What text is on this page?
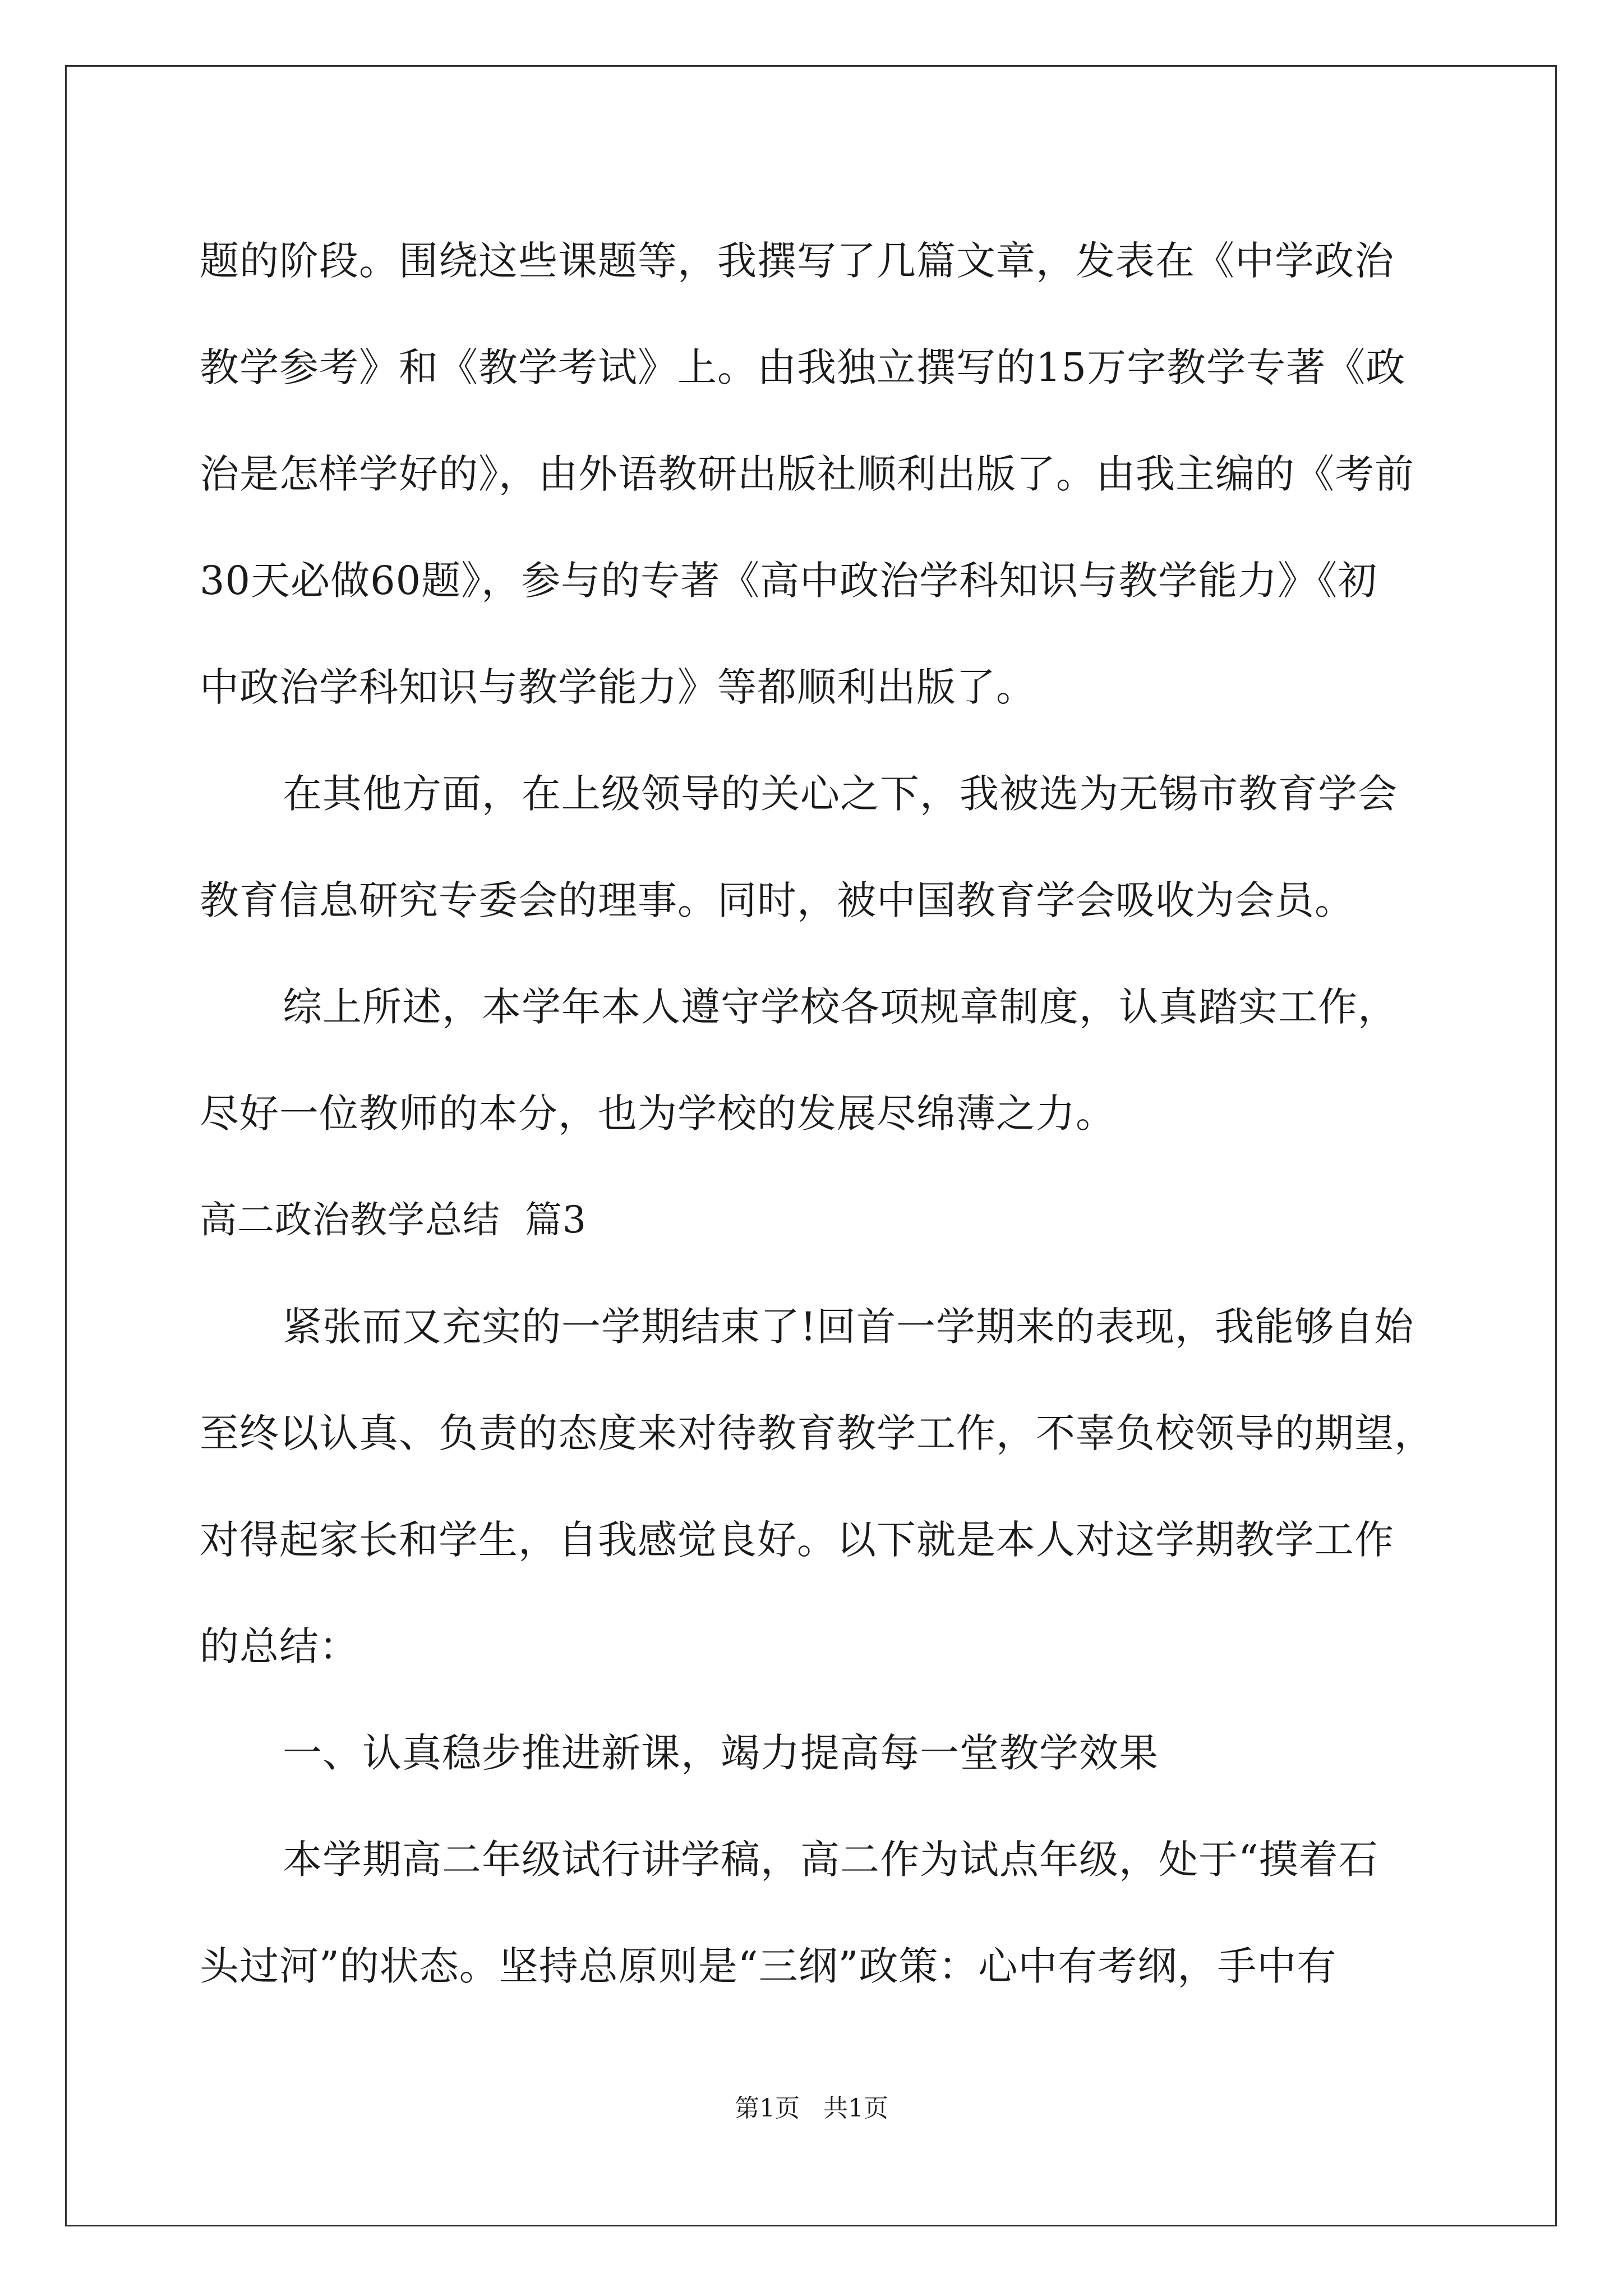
题的阶段。围绕这些课题等，我撰写了几篇文章，发表在《中学政治
教学参考》和《教学考试》上。由我独立撰写的15万字教学专著《政
治是怎样学好的》，由外语教研出版社顺利出版了。由我主编的《考前
30天必做60题》，参与的专著《高中政治学科知识与教学能力》《初
中政治学科知识与教学能力》等都顺利出版了。
在其他方面，在上级领导的关心之下，我被选为无锡市教育学会
教育信息研究专委会的理事。同时，被中国教育学会吸收为会员。
综上所述，本学年本人遵守学校各项规章制度，认真踏实工作，
尽好一位教师的本分，也为学校的发展尽绵薄之力。
高二政治教学总结  篇3
紧张而又充实的一学期结束了!回首一学期来的表现，我能够自始
至终以认真、负责的态度来对待教育教学工作，不辜负校领导的期望，
对得起家长和学生，自我感觉良好。以下就是本人对这学期教学工作
的总结：
一、认真稳步推进新课，竭力提高每一堂教学效果
本学期高二年级试行讲学稿，高二作为试点年级，处于“摸着石
头过河”的状态。坚持总原则是“三纲”政策：心中有考纲，手中有
第1页   共1页
